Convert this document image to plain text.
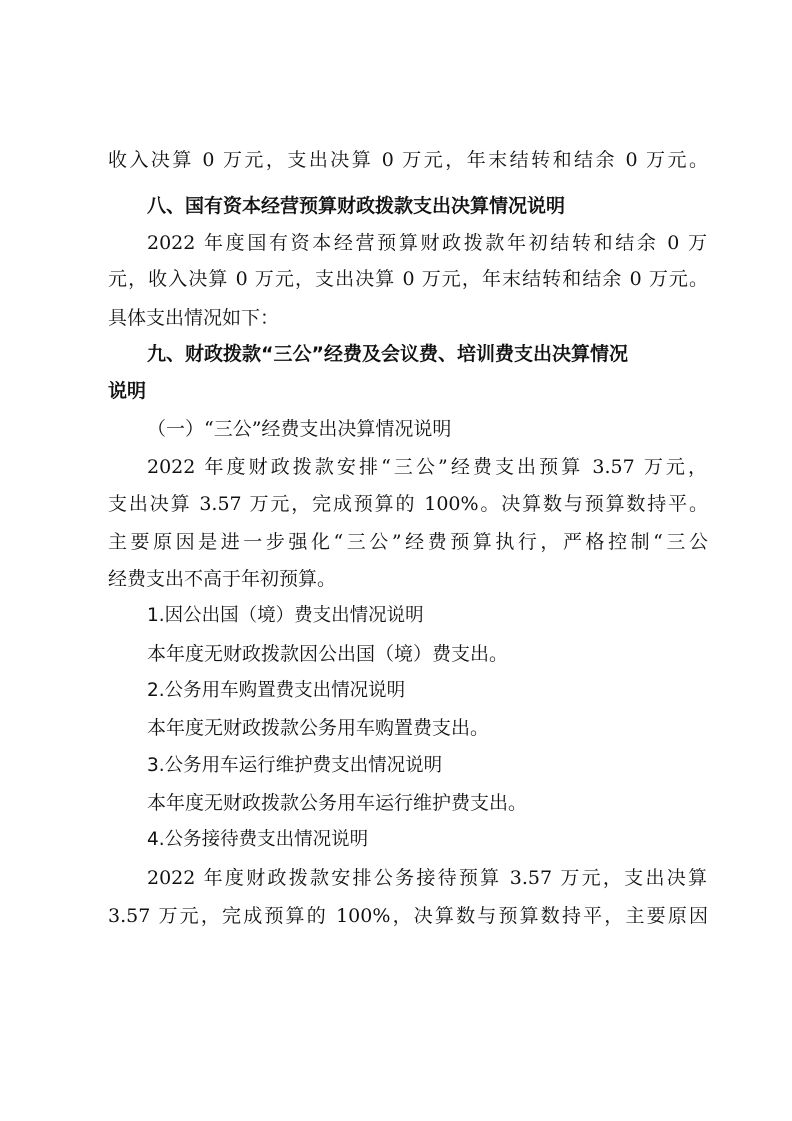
收入决算 0 万元，支出决算 0 万元，年末结转和结余 0 万元。
八、国有资本经营预算财政拨款支出决算情况说明
2022 年度国有资本经营预算财政拨款年初结转和结余 0 万
元，收入决算 0 万元，支出决算 0 万元，年末结转和结余 0 万元。
具体支出情况如下：
九、财政拨款“三公”经费及会议费、培训费支出决算情况
说明
（一）“三公”经费支出决算情况说明
2022 年度财政拨款安排“三公”经费支出预算 3.57 万元，
支出决算 3.57 万元，完成预算的 100%。决算数与预算数持平。
主要原因是进一步强化“三公”经费预算执行，严格控制“三公
经费支出不高于年初预算。
1.因公出国（境）费支出情况说明
本年度无财政拨款因公出国（境）费支出。
2.公务用车购置费支出情况说明
本年度无财政拨款公务用车购置费支出。
3.公务用车运行维护费支出情况说明
本年度无财政拨款公务用车运行维护费支出。
4.公务接待费支出情况说明
2022 年度财政拨款安排公务接待预算 3.57 万元，支出决算
3.57 万元，完成预算的 100%，决算数与预算数持平，主要原因
